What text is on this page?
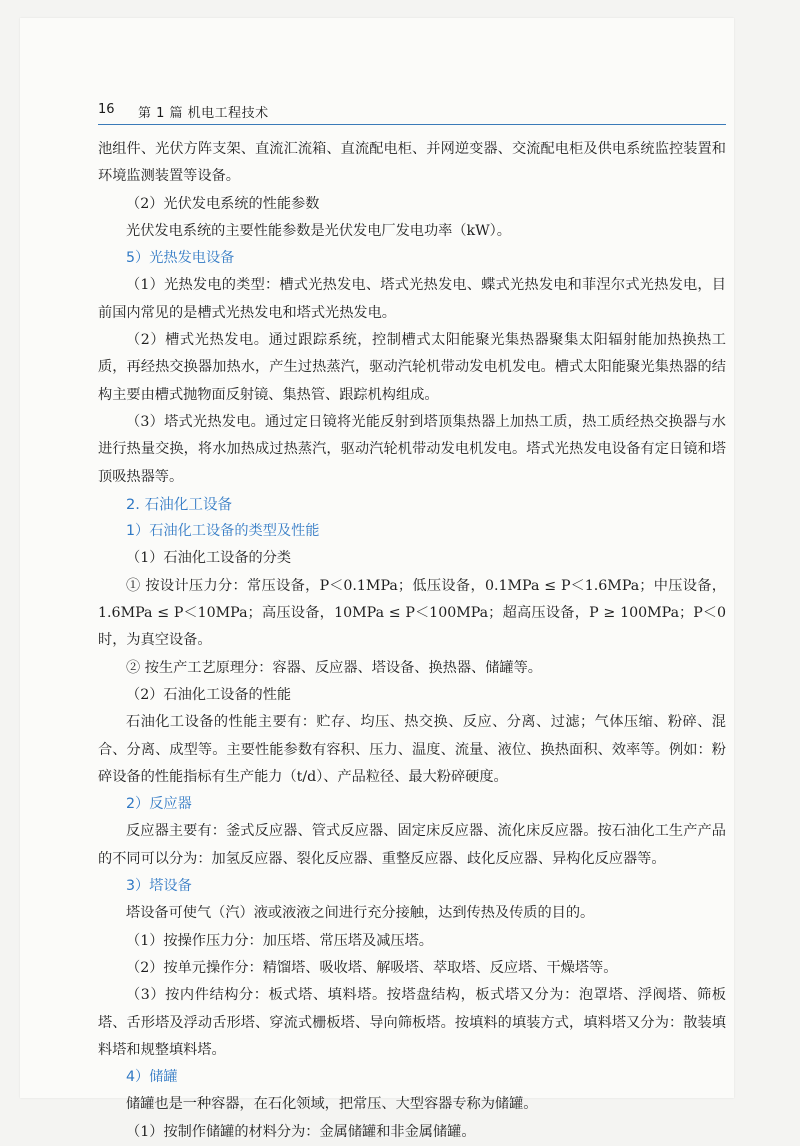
16 第 1 篇 机电工程技术

池组件、光伏方阵支架、直流汇流箱、直流配电柜、并网逆变器、交流配电柜及供电系统监控装置和环境监测装置等设备。

（2）光伏发电系统的性能参数

光伏发电系统的主要性能参数是光伏发电厂发电功率（kW）。

5）光热发电设备

（1）光热发电的类型：槽式光热发电、塔式光热发电、蝶式光热发电和菲涅尔式光热发电，目前国内常见的是槽式光热发电和塔式光热发电。

（2）槽式光热发电。通过跟踪系统，控制槽式太阳能聚光集热器聚集太阳辐射能加热换热工质，再经热交换器加热水，产生过热蒸汽，驱动汽轮机带动发电机发电。槽式太阳能聚光集热器的结构主要由槽式抛物面反射镜、集热管、跟踪机构组成。

（3）塔式光热发电。通过定日镜将光能反射到塔顶集热器上加热工质，热工质经热交换器与水进行热量交换，将水加热成过热蒸汽，驱动汽轮机带动发电机发电。塔式光热发电设备有定日镜和塔顶吸热器等。

2. 石油化工设备

1）石油化工设备的类型及性能

（1）石油化工设备的分类

① 按设计压力分：常压设备，P＜0.1MPa；低压设备，0.1MPa ≤ P＜1.6MPa；中压设备，1.6MPa ≤ P＜10MPa；高压设备，10MPa ≤ P＜100MPa；超高压设备，P ≥ 100MPa；P＜0 时，为真空设备。

② 按生产工艺原理分：容器、反应器、塔设备、换热器、储罐等。

（2）石油化工设备的性能

石油化工设备的性能主要有：贮存、均压、热交换、反应、分离、过滤；气体压缩、粉碎、混合、分离、成型等。主要性能参数有容积、压力、温度、流量、液位、换热面积、效率等。例如：粉碎设备的性能指标有生产能力（t/d）、产品粒径、最大粉碎硬度。

2）反应器

反应器主要有：釜式反应器、管式反应器、固定床反应器、流化床反应器。按石油化工生产产品的不同可以分为：加氢反应器、裂化反应器、重整反应器、歧化反应器、异构化反应器等。

3）塔设备

塔设备可使气（汽）液或液液之间进行充分接触，达到传热及传质的目的。

（1）按操作压力分：加压塔、常压塔及减压塔。

（2）按单元操作分：精馏塔、吸收塔、解吸塔、萃取塔、反应塔、干燥塔等。

（3）按内件结构分：板式塔、填料塔。按塔盘结构，板式塔又分为：泡罩塔、浮阀塔、筛板塔、舌形塔及浮动舌形塔、穿流式栅板塔、导向筛板塔。按填料的填装方式，填料塔又分为：散装填料塔和规整填料塔。

4）储罐

储罐也是一种容器，在石化领域，把常压、大型容器专称为储罐。

（1）按制作储罐的材料分为：金属储罐和非金属储罐。
